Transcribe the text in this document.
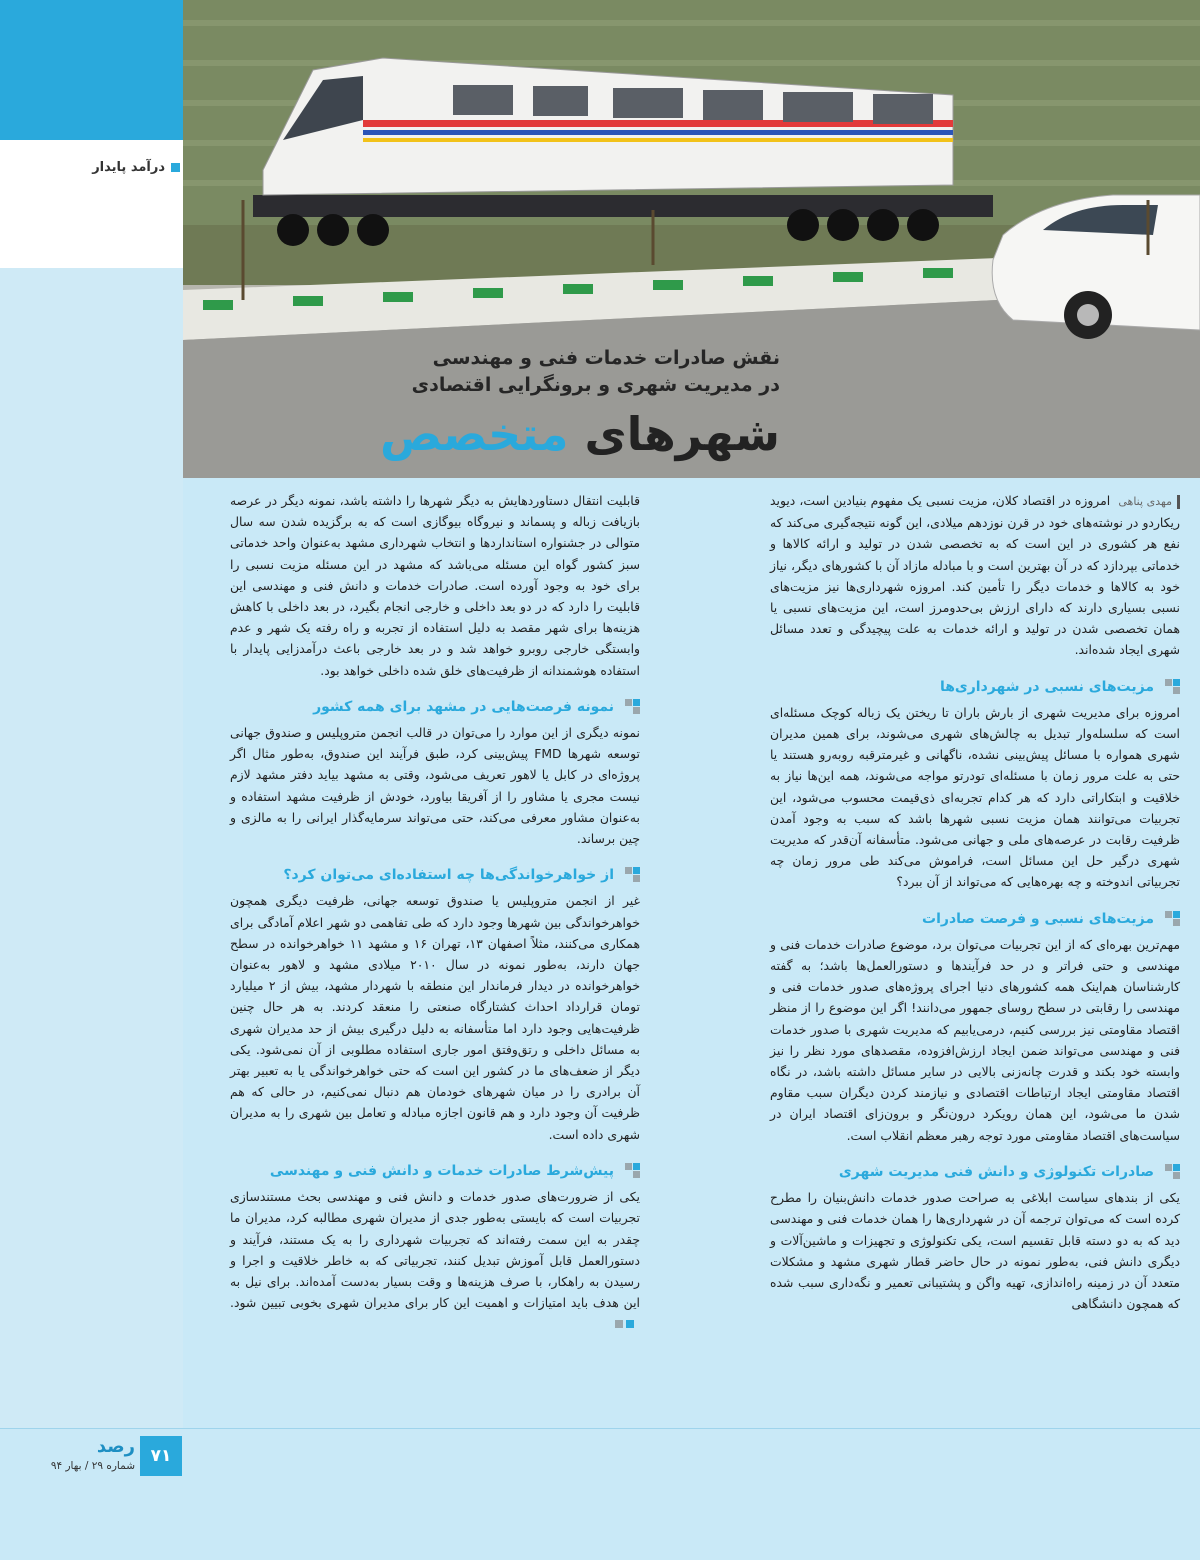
درآمد پایدار
نقش صادرات خدمات فنی و مهندسی
در مدیریت شهری و برونگرایی اقتصادی
شهرهای متخصص

مهدی پناهی  امروزه در اقتصاد کلان، مزیت نسبی یک مفهوم بنیادین است، دیوید ریکاردو در نوشته‌های خود در قرن نوزدهم میلادی، این گونه نتیجه‌گیری می‌کند که نفع هر کشوری در این است که به تخصصی شدن در تولید و ارائه کالاها و خدماتی بپردازد که در آن بهترین است و با مبادله مازاد آن با کشورهای دیگر، نیاز خود به کالاها و خدمات دیگر را تأمین کند. امروزه شهرداری‌ها نیز مزیت‌های نسبی بسیاری دارند که دارای ارزش بی‌حدومرز است، این مزیت‌های نسبی یا همان تخصصی شدن در تولید و ارائه خدمات به علت پیچیدگی و تعدد مسائل شهری ایجاد شده‌اند.

مزیت‌های نسبی در شهرداری‌ها

امروزه برای مدیریت شهری از بارش باران تا ریختن یک زباله کوچک مسئله‌ای است که سلسله‌وار تبدیل به چالش‌های شهری می‌شوند، برای همین مدیران شهری همواره با مسائل پیش‌بینی نشده، ناگهانی و غیرمترقبه روبه‌رو هستند یا حتی به علت مرور زمان با مسئله‌ای تودرتو مواجه می‌شوند، همه این‌ها نیاز به خلاقیت و ابتکاراتی دارد که هر کدام تجربه‌ای ذی‌قیمت محسوب می‌شود، این تجربیات می‌توانند همان مزیت نسبی شهرها باشد که سبب به وجود آمدن ظرفیت رقابت در عرصه‌های ملی و جهانی می‌شود. متأسفانه آن‌قدر که مدیریت شهری درگیر حل این مسائل است، فراموش می‌کند طی مرور زمان چه تجربیاتی اندوخته و چه بهره‌هایی که می‌تواند از آن ببرد؟

مزیت‌های نسبی و فرصت صادرات

مهم‌ترین بهره‌ای که از این تجربیات می‌توان برد، موضوع صادرات خدمات فنی و مهندسی و حتی فراتر و در حد فرآیندها و دستورالعمل‌ها باشد؛ به گفته کارشناسان هم‌اینک همه کشورهای دنیا اجرای پروژه‌های صدور خدمات فنی و مهندسی را رقابتی در سطح روسای جمهور می‌دانند! اگر این موضوع را از منظر اقتصاد مقاومتی نیز بررسی کنیم، درمی‌یابیم که مدیریت شهری با صدور خدمات فنی و مهندسی می‌تواند ضمن ایجاد ارزش‌افزوده، مقصدهای مورد نظر را نیز وابسته خود بکند و قدرت چانه‌زنی بالایی در سایر مسائل داشته باشد، در نگاه اقتصاد مقاومتی ایجاد ارتباطات اقتصادی و نیازمند کردن دیگران سبب مقاوم شدن ما می‌شود، این همان رویکرد درون‌نگر و برون‌زای اقتصاد ایران در سیاست‌های اقتصاد مقاومتی مورد توجه رهبر معظم انقلاب است.

صادرات تکنولوژی و دانش فنی مدیریت شهری

یکی از بندهای سیاست ابلاغی به صراحت صدور خدمات دانش‌بنیان را مطرح کرده است که می‌توان ترجمه آن در شهرداری‌ها را همان خدمات فنی و مهندسی دید که به دو دسته قابل تقسیم است، یکی تکنولوژی و تجهیزات و ماشین‌آلات و دیگری دانش فنی، به‌طور نمونه در حال حاضر قطار شهری مشهد و مشکلات متعدد آن در زمینه راه‌اندازی، تهیه واگن و پشتیبانی تعمیر و نگه‌داری سبب شده که همچون دانشگاهی

قابلیت انتقال دستاوردهایش به دیگر شهرها را داشته باشد، نمونه دیگر در عرصه بازیافت زباله و پسماند و نیروگاه بیوگازی است که به برگزیده شدن سه سال متوالی در جشنواره استانداردها و انتخاب شهرداری مشهد به‌عنوان واحد خدماتی سبز کشور گواه این مسئله می‌باشد که مشهد در این مسئله مزیت نسبی را برای خود به وجود آورده است. صادرات خدمات و دانش فنی و مهندسی این قابلیت را دارد که در دو بعد داخلی و خارجی انجام بگیرد، در بعد داخلی با کاهش هزینه‌ها برای شهر مقصد به دلیل استفاده از تجربه و راه رفته یک شهر و عدم وابستگی خارجی روبرو خواهد شد و در بعد خارجی باعث درآمدزایی پایدار با استفاده هوشمندانه از ظرفیت‌های خلق شده داخلی خواهد بود.

نمونه فرصت‌هایی در مشهد برای همه کشور

نمونه دیگری از این موارد را می‌توان در قالب انجمن متروپلیس و صندوق جهانی توسعه شهرها FMD پیش‌بینی کرد، طبق فرآیند این صندوق، به‌طور مثال اگر پروژه‌ای در کابل یا لاهور تعریف می‌شود، وقتی به مشهد بیاید دفتر مشهد لازم نیست مجری یا مشاور را از آفریقا بیاورد، خودش از ظرفیت مشهد استفاده و به‌عنوان مشاور معرفی می‌کند، حتی می‌تواند سرمایه‌گذار ایرانی را به مالزی و چین برساند.

از خواهرخواندگی‌ها چه استفاده‌ای می‌توان کرد؟

غیر از انجمن متروپلیس یا صندوق توسعه جهانی، ظرفیت دیگری همچون خواهرخواندگی بین شهرها وجود دارد که طی تفاهمی دو شهر اعلام آمادگی برای همکاری می‌کنند، مثلاً اصفهان ۱۳، تهران ۱۶ و مشهد ۱۱ خواهرخوانده در سطح جهان دارند، به‌طور نمونه در سال ۲۰۱۰ میلادی مشهد و لاهور به‌عنوان خواهرخوانده در دیدار فرماندار این منطقه با شهردار مشهد، بیش از ۲ میلیارد تومان قرارداد احداث کشتارگاه صنعتی را منعقد کردند. به هر حال چنین ظرفیت‌هایی وجود دارد اما متأسفانه به دلیل درگیری بیش از حد مدیران شهری به مسائل داخلی و رتق‌وفتق امور جاری استفاده مطلوبی از آن نمی‌شود. یکی دیگر از ضعف‌های ما در کشور این است که حتی خواهرخواندگی یا به تعبیر بهتر آن برادری را در میان شهرهای خودمان هم دنبال نمی‌کنیم، در حالی که هم ظرفیت آن وجود دارد و هم قانون اجازه مبادله و تعامل بین شهری را به مدیران شهری داده است.

پیش‌شرط صادرات خدمات و دانش فنی و مهندسی

یکی از ضرورت‌های صدور خدمات و دانش فنی و مهندسی بحث مستندسازی تجربیات است که بایستی به‌طور جدی از مدیران شهری مطالبه کرد، مدیران ما چقدر به این سمت رفته‌اند که تجربیات شهرداری را به یک مستند، فرآیند و دستورالعمل قابل آموزش تبدیل کنند، تجربیاتی که به خاطر خلاقیت و اجرا و رسیدن به راهکار، با صرف هزینه‌ها و وقت بسیار به‌دست آمده‌اند. برای نیل به این هدف باید امتیازات و اهمیت این کار برای مدیران شهری بخوبی تبیین شود.

۷۱
رصد
شماره ۲۹ / بهار ۹۴
